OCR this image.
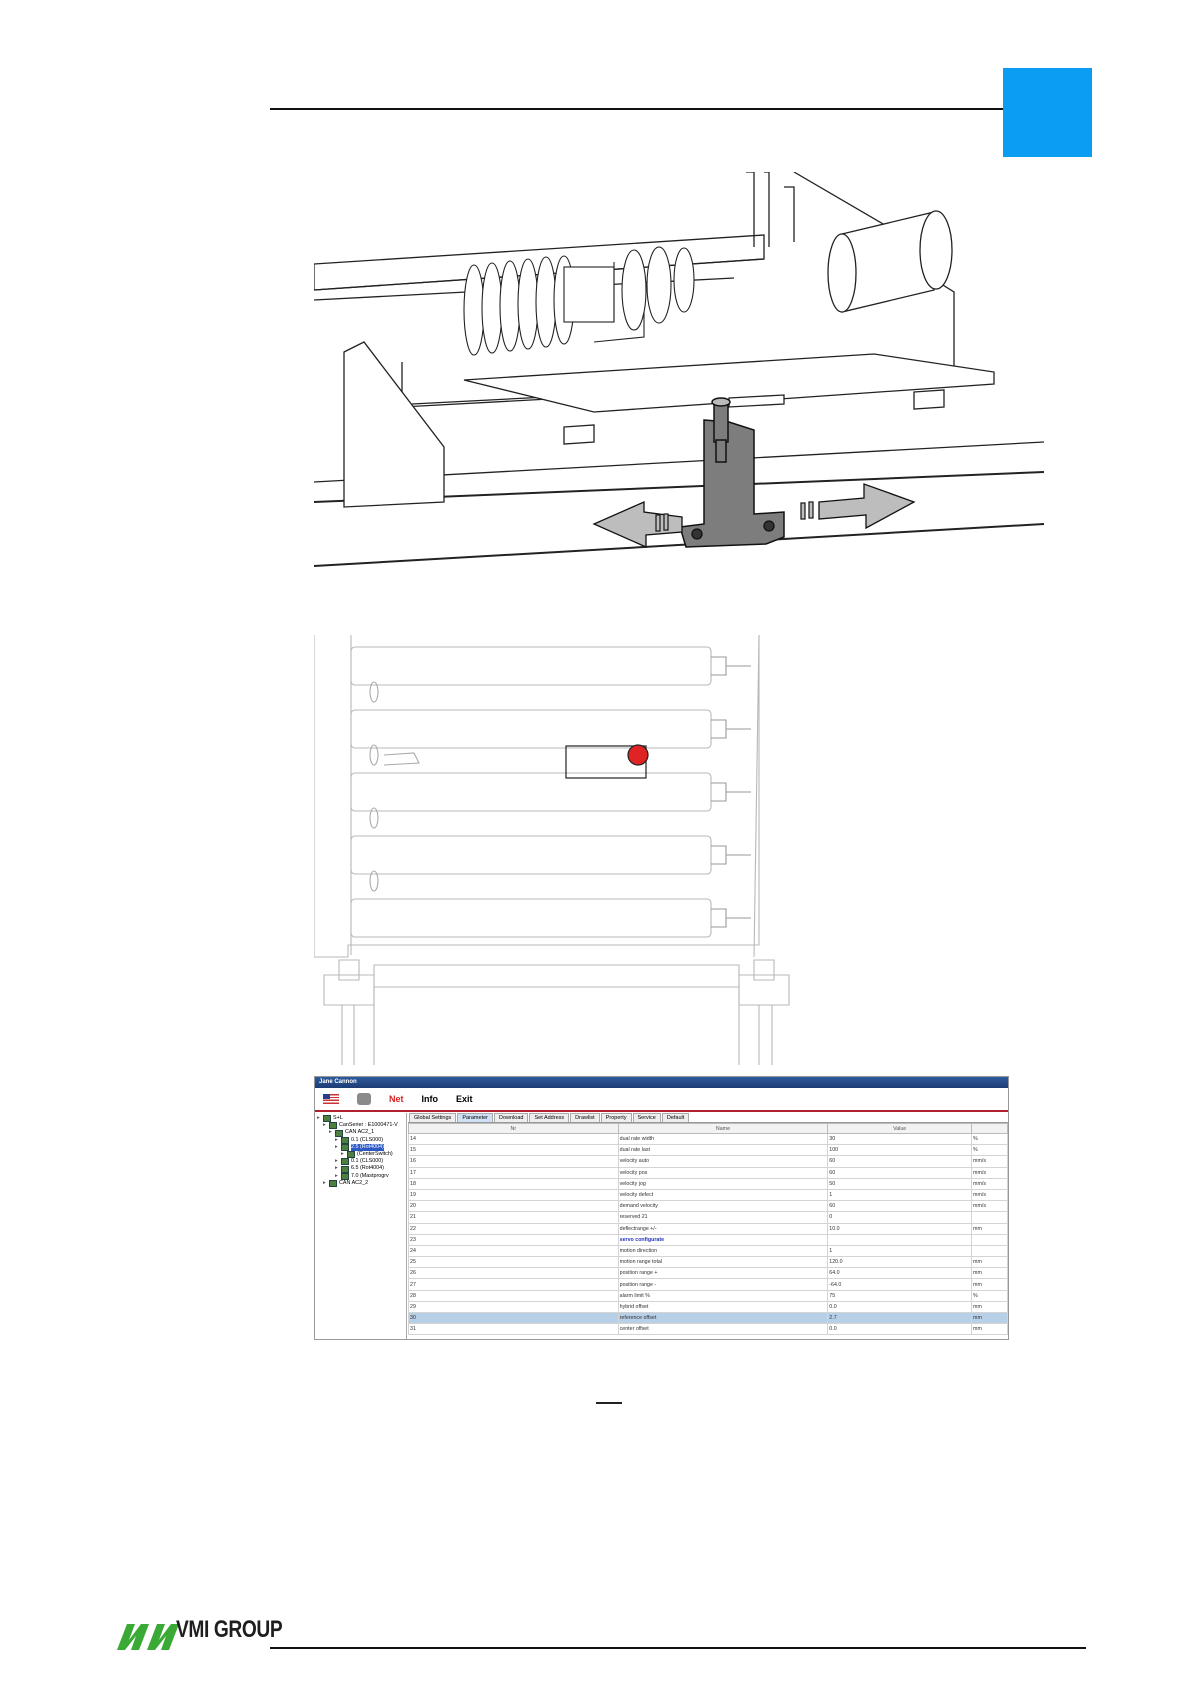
Jane Cannon
Net Info Exit
▸ S+L
▸ CanSerier : E1000471-V
▸ CAN AC2_1
▸ 0.1 (CLS000)
▸ 2.5 (Rot4004)
▸ (CenterSwitch)
▸ 0.1 (CLS000)
▸ 6.5 (Rot4004)
▸ 7.0 (Mastprogrv
▸ CAN AC2_2
Global Settings	Parameter	Download	Set Address	Drawlist	Property	Service	Default
Nr	Name	Value	
14	dual rate width	30	%
15	dual rate last	100	%
16	velocity auto	60	mm/s
17	velocity pos	60	mm/s
18	velocity jog	50	mm/s
19	velocity defect	1	mm/s
20	demand velocity	60	mm/s
21	reserved 21	0	
22	deflectrange +/-	10.0	mm
23	servo configurate		
24	motion direction	1	
25	motion range total	120.0	mm
26	position range +	64.0	mm
27	position range -	-64.0	mm
28	alarm limit %	75	%
29	hybrid offset	0.0	mm
30	reference offset	2.7	mm
31	center offset	0.0	mm
VMI GROUP
